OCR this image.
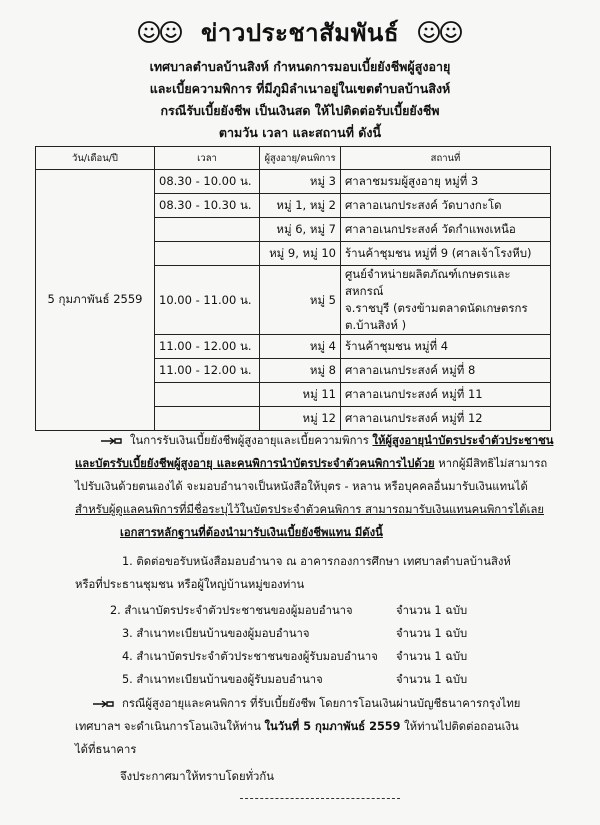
ข่าวประชาสัมพันธ์
เทศบาลตำบลบ้านสิงห์ กำหนดการมอบเบี้ยยังชีพผู้สูงอายุ
และเบี้ยความพิการ ที่มีภูมิลำเนาอยู่ในเขตตำบลบ้านสิงห์
กรณีรับเบี้ยยังชีพ เป็นเงินสด ให้ไปติดต่อรับเบี้ยยังชีพ
ตามวัน เวลา และสถานที่ ดังนี้
วัน/เดือน/ปี	เวลา	ผู้สูงอายุ/คนพิการ	สถานที่
5 กุมภาพันธ์ 2559	08.30 - 10.00 น.	หมู่ 3	ศาลาชมรมผู้สูงอายุ หมู่ที่ 3
	08.30 - 10.30 น.	หมู่ 1, หมู่ 2	ศาลาอเนกประสงค์ วัดบางกะโด
		หมู่ 6, หมู่ 7	ศาลาอเนกประสงค์ วัดกำแพงเหนือ
		หมู่ 9, หมู่ 10	ร้านค้าชุมชน หมู่ที่ 9 (ศาลเจ้าโรงหีบ)
	10.00 - 11.00 น.	หมู่ 5	ศูนย์จำหน่ายผลิตภัณฑ์เกษตรและสหกรณ์
จ.ราชบุรี (ตรงข้ามตลาดนัดเกษตรกร ต.บ้านสิงห์ )

	11.00 - 12.00 น.	หมู่ 4	ร้านค้าชุมชน หมู่ที่ 4
	11.00 - 12.00 น.	หมู่ 8	ศาลาอเนกประสงค์ หมู่ที่ 8
		หมู่ 11	ศาลาอเนกประสงค์ หมู่ที่ 11
		หมู่ 12	ศาลาอเนกประสงค์ หมู่ที่ 12
ในการรับเงินเบี้ยยังชีพผู้สูงอายุและเบี้ยความพิการ ให้ผู้สูงอายุนำบัตรประจำตัวประชาชน
และบัตรรับเบี้ยยังชีพผู้สูงอายุ และคนพิการนำบัตรประจำตัวคนพิการไปด้วย หากผู้มีสิทธิไม่สามารถ
ไปรับเงินด้วยตนเองได้ จะมอบอำนาจเป็นหนังสือให้บุตร - หลาน หรือบุคคลอื่นมารับเงินแทนได้
สำหรับผู้ดูแลคนพิการที่มีชื่อระบุไว้ในบัตรประจำตัวคนพิการ สามารถมารับเงินแทนคนพิการได้เลย
เอกสารหลักฐานที่ต้องนำมารับเงินเบี้ยยังชีพแทน มีดังนี้
1. ติดต่อขอรับหนังสือมอบอำนาจ ณ อาคารกองการศึกษา เทศบาลตำบลบ้านสิงห์
หรือที่ประธานชุมชน หรือผู้ใหญ่บ้านหมู่ของท่าน
2. สำเนาบัตรประจำตัวประชาชนของผู้มอบอำนาจ	จำนวน 1 ฉบับ
3. สำเนาทะเบียนบ้านของผู้มอบอำนาจ	จำนวน 1 ฉบับ
4. สำเนาบัตรประจำตัวประชาชนของผู้รับมอบอำนาจ จำนวน 1 ฉบับ
5. สำเนาทะเบียนบ้านของผู้รับมอบอำนาจ	จำนวน 1 ฉบับ
กรณีผู้สูงอายุและคนพิการ ที่รับเบี้ยยังชีพ โดยการโอนเงินผ่านบัญชีธนาคารกรุงไทย
เทศบาลฯ จะดำเนินการโอนเงินให้ท่าน ในวันที่ 5 กุมภาพันธ์ 2559 ให้ท่านไปติดต่อถอนเงิน
ได้ที่ธนาคาร
จึงประกาศมาให้ทราบโดยทั่วกัน
